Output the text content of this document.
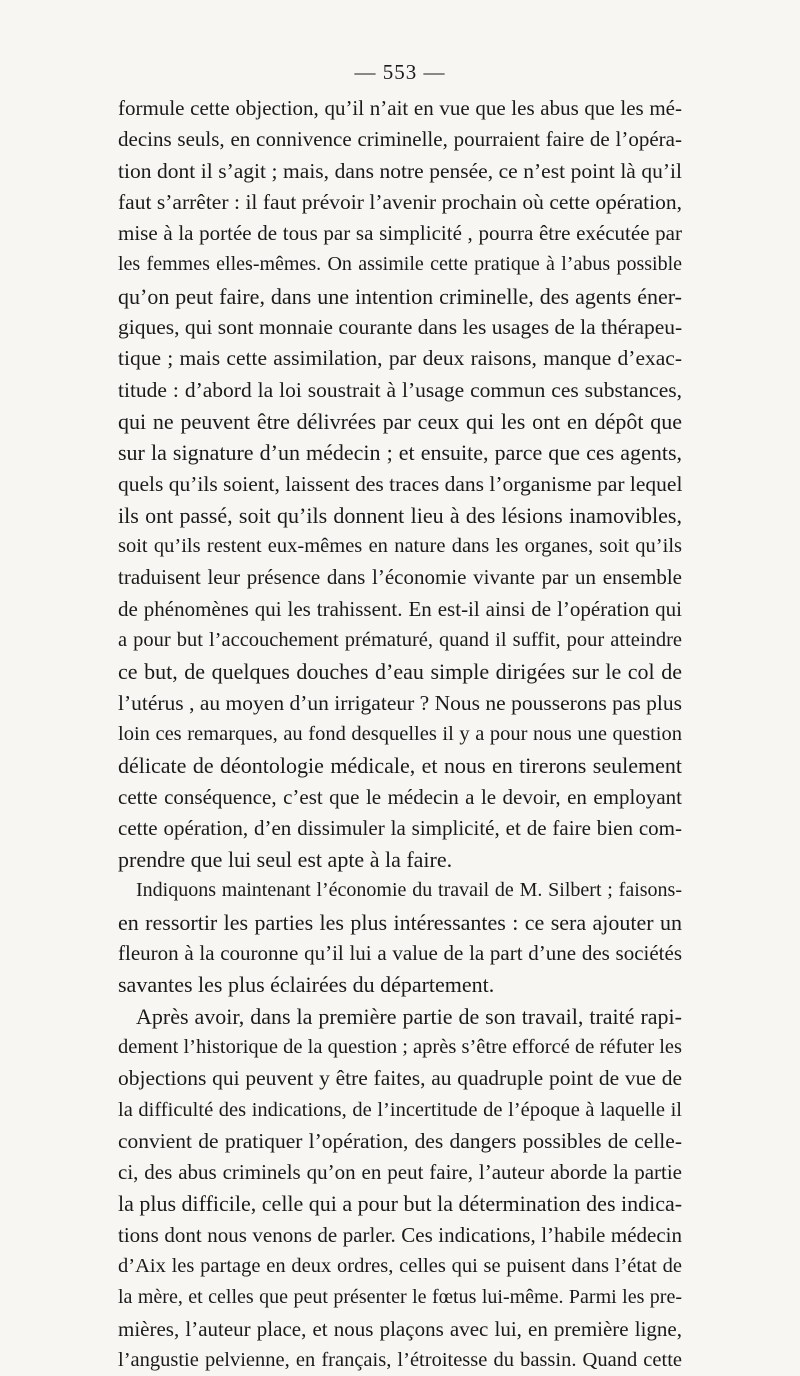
— 553 —
formule cette objection, qu’il n’ait en vue que les abus que les mé-
decins seuls, en connivence criminelle, pourraient faire de l’opéra-
tion dont il s’agit ; mais, dans notre pensée, ce n’est point là qu’il
faut s’arrêter : il faut prévoir l’avenir prochain où cette opération,
mise à la portée de tous par sa simplicité , pourra être exécutée par
les femmes elles-mêmes. On assimile cette pratique à l’abus possible
qu’on peut faire, dans une intention criminelle, des agents éner-
giques, qui sont monnaie courante dans les usages de la thérapeu-
tique ; mais cette assimilation, par deux raisons, manque d’exac-
titude : d’abord la loi soustrait à l’usage commun ces substances,
qui ne peuvent être délivrées par ceux qui les ont en dépôt que
sur la signature d’un médecin ; et ensuite, parce que ces agents,
quels qu’ils soient, laissent des traces dans l’organisme par lequel
ils ont passé, soit qu’ils donnent lieu à des lésions inamovibles,
soit qu’ils restent eux-mêmes en nature dans les organes, soit qu’ils
traduisent leur présence dans l’économie vivante par un ensemble
de phénomènes qui les trahissent. En est-il ainsi de l’opération qui
a pour but l’accouchement prématuré, quand il suffit, pour atteindre
ce but, de quelques douches d’eau simple dirigées sur le col de
l’utérus , au moyen d’un irrigateur ? Nous ne pousserons pas plus
loin ces remarques, au fond desquelles il y a pour nous une question
délicate de déontologie médicale, et nous en tirerons seulement
cette conséquence, c’est que le médecin a le devoir, en employant
cette opération, d’en dissimuler la simplicité, et de faire bien com-
prendre que lui seul est apte à la faire.
Indiquons maintenant l’économie du travail de M. Silbert ; faisons-
en ressortir les parties les plus intéressantes : ce sera ajouter un
fleuron à la couronne qu’il lui a value de la part d’une des sociétés
savantes les plus éclairées du département.
Après avoir, dans la première partie de son travail, traité rapi-
dement l’historique de la question ; après s’être efforcé de réfuter les
objections qui peuvent y être faites, au quadruple point de vue de
la difficulté des indications, de l’incertitude de l’époque à laquelle il
convient de pratiquer l’opération, des dangers possibles de celle-
ci, des abus criminels qu’on en peut faire, l’auteur aborde la partie
la plus difficile, celle qui a pour but la détermination des indica-
tions dont nous venons de parler. Ces indications, l’habile médecin
d’Aix les partage en deux ordres, celles qui se puisent dans l’état de
la mère, et celles que peut présenter le fœtus lui-même. Parmi les pre-
mières, l’auteur place, et nous plaçons avec lui, en première ligne,
l’angustie pelvienne, en français, l’étroitesse du bassin. Quand cette
